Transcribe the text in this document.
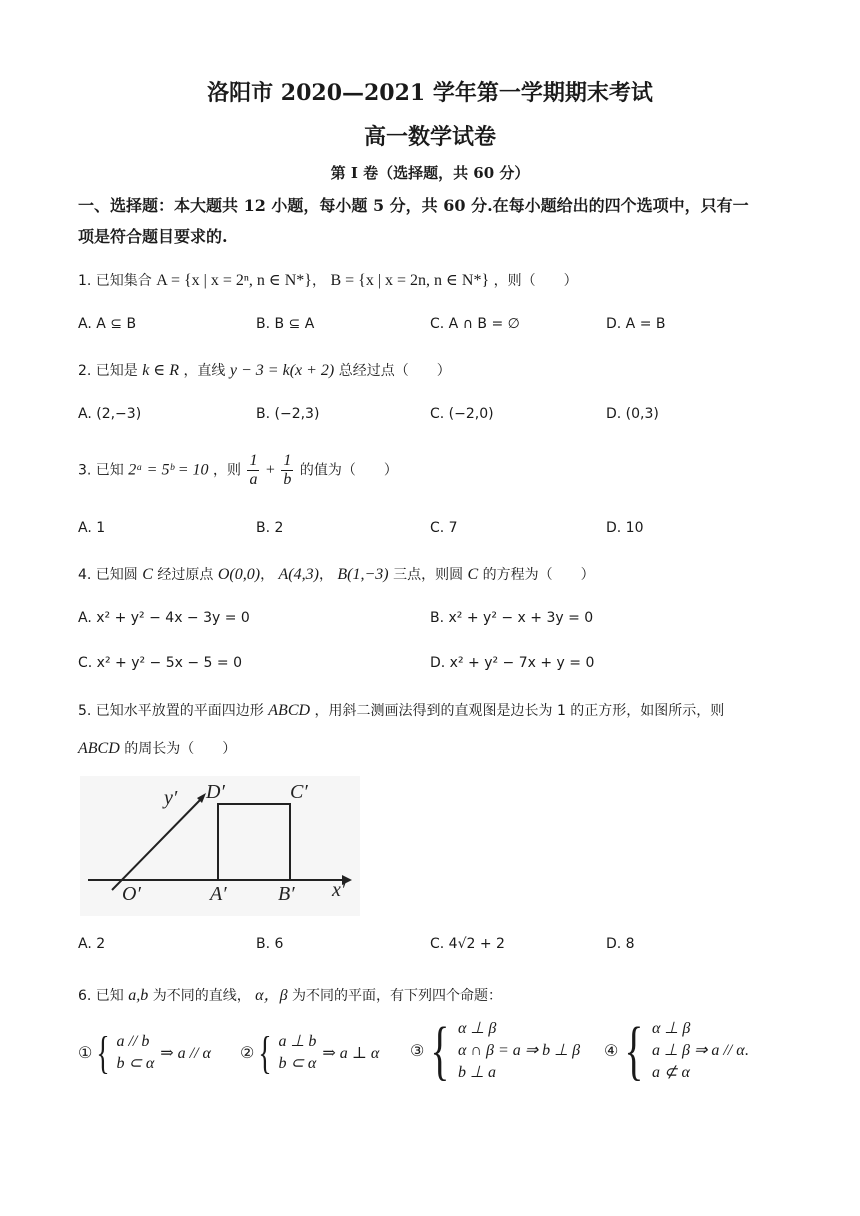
洛阳市 2020—2021 学年第一学期期末考试
高一数学试卷
第 I 卷（选择题，共 60 分）
一、选择题：本大题共 12 小题，每小题 5 分，共 60 分.在每小题给出的四个选项中，只有一
项是符合题目要求的.
1. 已知集合 A = {x | x = 2ⁿ, n ∈ N*}， B = {x | x = 2n, n ∈ N*} ，则（　　）
A. A ⊆ B	B. B ⊆ A	C. A ∩ B = ∅	D. A = B
2. 已知是 k ∈ R ，直线 y − 3 = k(x + 2) 总经过点（　　）
A. (2,−3)	B. (−2,3)	C. (−2,0)	D. (0,3)
3. 已知 2ᵃ = 5ᵇ = 10 ，则 $\frac{1}{a} + \frac{1}{b}$ 的值为（　　）
A. 1	B. 2	C. 7	D. 10
4. 已知圆 C 经过原点 O(0,0)， A(4,3)， B(1,−3) 三点，则圆 C 的方程为（　　）
A. x² + y² − 4x − 3y = 0	B. x² + y² − x + 3y = 0
C. x² + y² − 5x − 5 = 0	D. x² + y² − 7x + y = 0
5. 已知水平放置的平面四边形 ABCD ，用斜二测画法得到的直观图是边长为 1 的正方形，如图所示，则
ABCD 的周长为（　　）
y′ D′	C′
O′	A′	B′ x′
A. 2	B. 6	C. 4√2 + 2	D. 8
6. 已知 a,b 为不同的直线， α，β 为不同的平面，有下列四个命题：
① { a // b
b ⊂ α
⇒ a // α ② { a ⊥ b
b ⊂ α
⇒ a ⊥ α ③ { α ⊥ β
α ∩ β = a ⇒ b ⊥ β
b ⊥ a
④ { α ⊥ β
a ⊥ β ⇒ a // α
a ⊄ α
.
